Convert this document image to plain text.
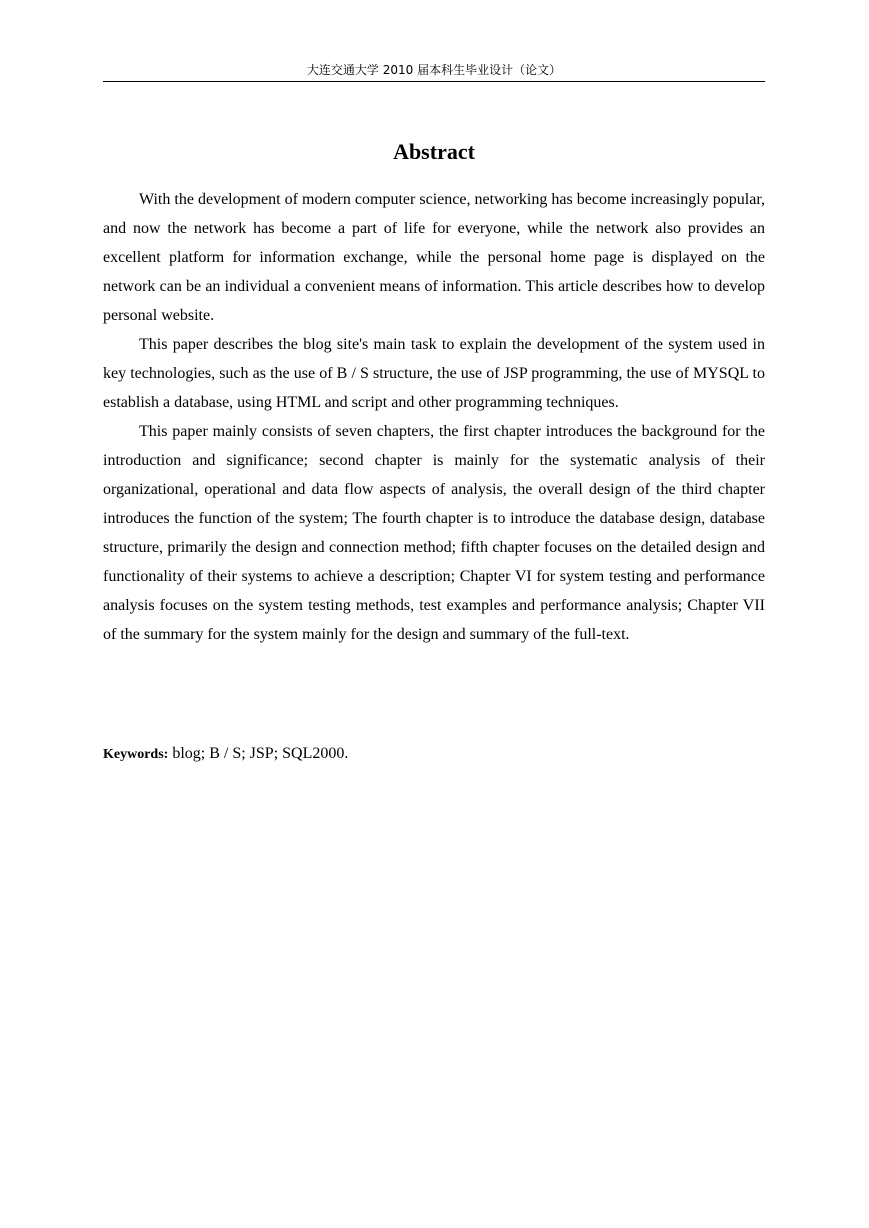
大连交通大学 2010 届本科生毕业设计（论文）
Abstract

With the development of modern computer science, networking has become increasingly popular, and now the network has become a part of life for everyone, while the network also provides an excellent platform for information exchange, while the personal home page is displayed on the network can be an individual a convenient means of information. This article describes how to develop personal website.

This paper describes the blog site's main task to explain the development of the system used in key technologies, such as the use of B / S structure, the use of JSP programming, the use of MYSQL to establish a database, using HTML and script and other programming techniques.

This paper mainly consists of seven chapters, the first chapter introduces the background for the introduction and significance; second chapter is mainly for the systematic analysis of their organizational, operational and data flow aspects of analysis, the overall design of the third chapter introduces the function of the system; The fourth chapter is to introduce the database design, database structure, primarily the design and connection method; fifth chapter focuses on the detailed design and functionality of their systems to achieve a description; Chapter VI for system testing and performance analysis focuses on the system testing methods, test examples and performance analysis; Chapter VII of the summary for the system mainly for the design and summary of the full-text.

Keywords: blog; B / S; JSP; SQL2000.
